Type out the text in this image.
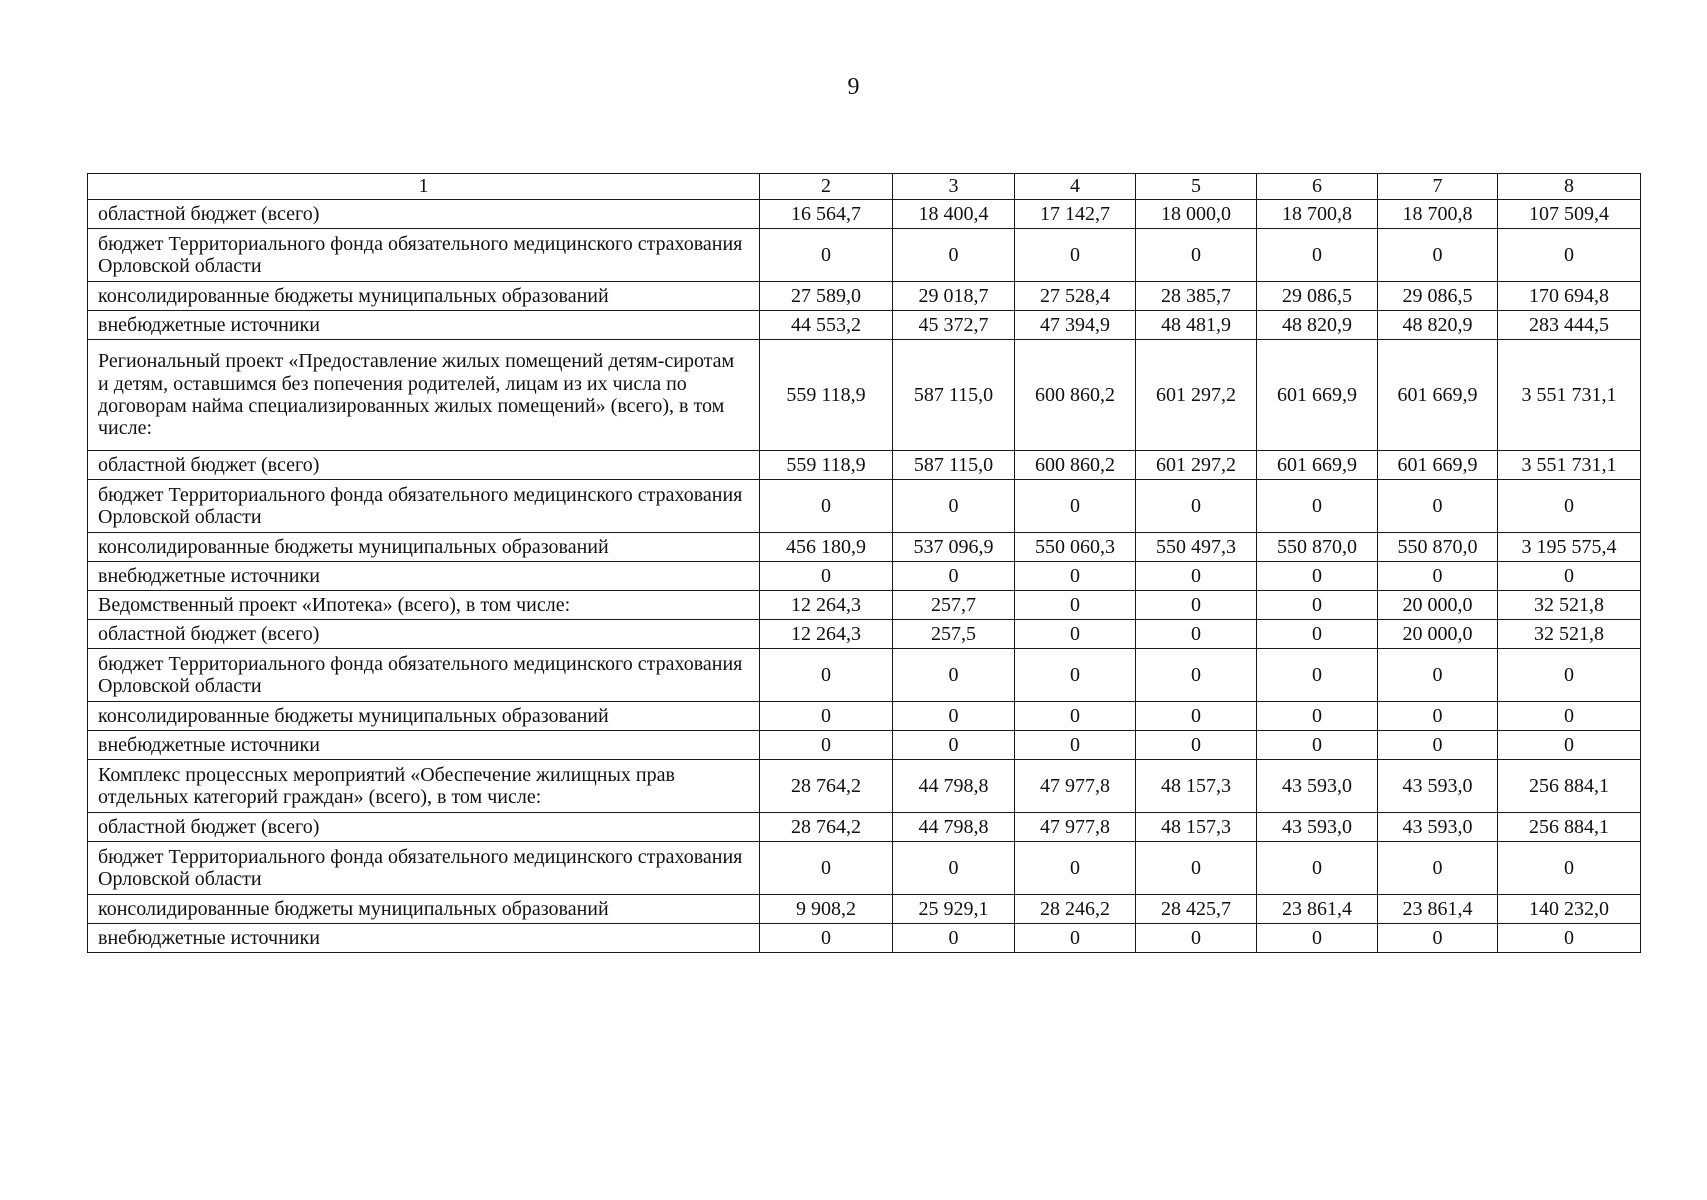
9
1	2	3	4	5	6	7	8
областной бюджет (всего)	16 564,7	18 400,4	17 142,7	18 000,0	18 700,8	18 700,8	107 509,4
бюджет Территориального фонда обязательного медицинского страхования Орловской области	0	0	0	0	0	0	0
консолидированные бюджеты муниципальных образований	27 589,0	29 018,7	27 528,4	28 385,7	29 086,5	29 086,5	170 694,8
внебюджетные источники	44 553,2	45 372,7	47 394,9	48 481,9	48 820,9	48 820,9	283 444,5
Региональный проект «Предоставление жилых помещений детям-сиротам и детям, оставшимся без попечения родителей, лицам из их числа по договорам найма специализированных жилых помещений» (всего), в том числе:	559 118,9	587 115,0	600 860,2	601 297,2	601 669,9	601 669,9	3 551 731,1
областной бюджет (всего)	559 118,9	587 115,0	600 860,2	601 297,2	601 669,9	601 669,9	3 551 731,1
бюджет Территориального фонда обязательного медицинского страхования Орловской области	0	0	0	0	0	0	0
консолидированные бюджеты муниципальных образований	456 180,9	537 096,9	550 060,3	550 497,3	550 870,0	550 870,0	3 195 575,4
внебюджетные источники	0	0	0	0	0	0	0
Ведомственный проект «Ипотека» (всего), в том числе:	12 264,3	257,7	0	0	0	20 000,0	32 521,8
областной бюджет (всего)	12 264,3	257,5	0	0	0	20 000,0	32 521,8
бюджет Территориального фонда обязательного медицинского страхования Орловской области	0	0	0	0	0	0	0
консолидированные бюджеты муниципальных образований	0	0	0	0	0	0	0
внебюджетные источники	0	0	0	0	0	0	0
Комплекс процессных мероприятий «Обеспечение жилищных прав отдельных категорий граждан» (всего), в том числе:	28 764,2	44 798,8	47 977,8	48 157,3	43 593,0	43 593,0	256 884,1
областной бюджет (всего)	28 764,2	44 798,8	47 977,8	48 157,3	43 593,0	43 593,0	256 884,1
бюджет Территориального фонда обязательного медицинского страхования Орловской области	0	0	0	0	0	0	0
консолидированные бюджеты муниципальных образований	9 908,2	25 929,1	28 246,2	28 425,7	23 861,4	23 861,4	140 232,0
внебюджетные источники	0	0	0	0	0	0	0
